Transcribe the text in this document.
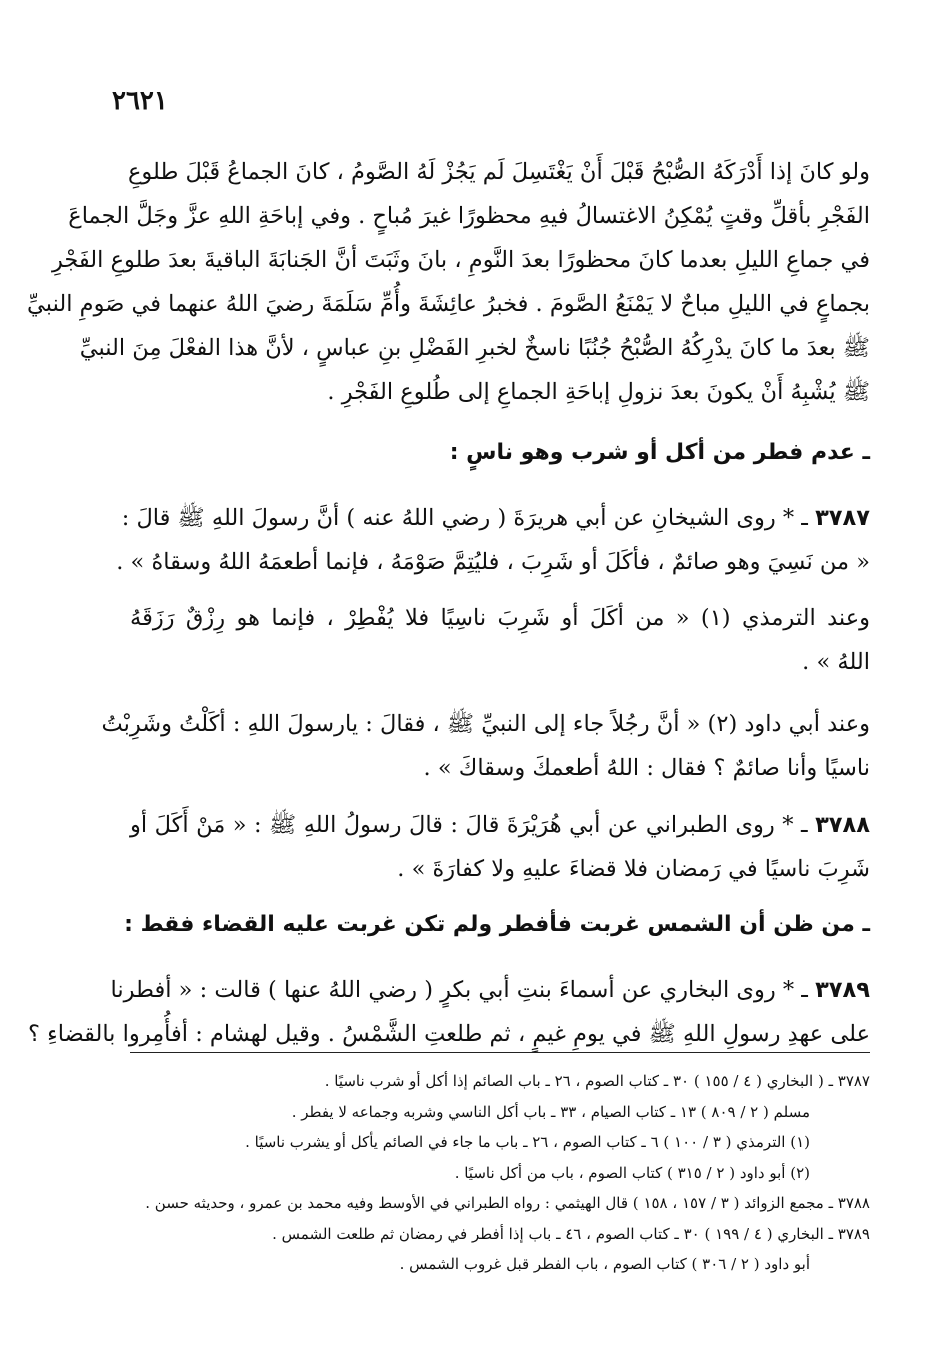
٢٦٢١
ولو كانَ إذا أَدْرَكَهُ الصُّبْحُ قَبْلَ أَنْ يَغْتَسِلَ لَم يَجُزْ لَهُ الصَّومُ ، كانَ الجماعُ قَبْلَ طلوعِ
الفَجْرِ بأقلِّ وقتٍ يُمْكِنُ الاغتسالُ فيهِ محظورًا غيرَ مُباحٍ . وفي إباحَةِ اللهِ عزَّ وجَلَّ الجماعَ
في جماعِ الليلِ بعدما كانَ محظورًا بعدَ النَّومِ ، بانَ وثَبَتَ أنَّ الجَنابَةَ الباقيةَ بعدَ طلوعِ الفَجْرِ
بجماعٍ في الليلِ مباحٌ لا يَمْنَعُ الصَّومَ . فخبرُ عائِشَةَ وأُمِّ سَلَمَةَ رضيَ اللهُ عنهما في صَومِ النبيِّ
ﷺ بعدَ ما كانَ يدْرِكُهُ الصُّبْحُ جُنُبًا ناسخٌ لخبرِ الفَضْلِ بنِ عباسٍ ، لأنَّ هذا الفعْلَ مِنَ النبيِّ
ﷺ يُشْبِهُ أَنْ يكونَ بعدَ نزولِ إباحَةِ الجماعِ إلى طُلوعِ الفَجْرِ .
ـ عدم فطر من أكل أو شرب وهو ناسٍ :
٣٧٨٧ ـ * روى الشيخانِ عن أبي هريرَةَ ( رضي اللهُ عنه ) أنَّ رسولَ اللهِ ﷺ قالَ :
« من نَسِيَ وهو صائمٌ ، فأكَلَ أو شَرِبَ ، فليُتِمَّ صَوْمَهُ ، فإنما أطعمَهُ اللهُ وسقاهُ » .
وعند الترمذي (١) « من أكَلَ أو شَرِبَ ناسِيًا فلا يُفْطِرْ ، فإنما هو رِزْقٌ رَزَقَهُ
اللهُ » .
وعند أبي داود (٢) « أنَّ رجُلاً جاء إلى النبيِّ ﷺ ، فقالَ : يارسولَ اللهِ : أكَلْتُ وشَرِبْتُ
ناسيًا وأنا صائمٌ ؟ فقال : اللهُ أطعمكَ وسقاكَ » .
٣٧٨٨ ـ * روى الطبراني عن أبي هُرَيْرَةَ قالَ : قالَ رسولُ اللهِ ﷺ : « مَنْ أَكَلَ أو
شَرِبَ ناسيًا في رَمضان فلا قضاءَ عليهِ ولا كفارَةَ » .
ـ من ظن أن الشمس غربت فأفطر ولم تكن غربت عليه القضاء فقط :
٣٧٨٩ ـ * روى البخاري عن أسماءَ بنتِ أبي بكرٍ ( رضي اللهُ عنها ) قالت : « أفطرنا
على عهدِ رسولِ اللهِ ﷺ في يومِ غيمٍ ، ثم طلعتِ الشَّمْسُ . وقيل لهشام : أفأُمِروا بالقضاءِ ؟
٣٧٨٧ ـ ( البخاري ( ٤ / ١٥٥ ) ٣٠ ـ كتاب الصوم ، ٢٦ ـ باب الصائم إذا أكل أو شرب ناسيًا .
مسلم ( ٢ / ٨٠٩ ) ١٣ ـ كتاب الصيام ، ٣٣ ـ باب أكل الناسي وشربه وجماعه لا يفطر .
(١) الترمذي ( ٣ / ١٠٠ ) ٦ ـ كتاب الصوم ، ٢٦ ـ باب ما جاء في الصائم يأكل أو يشرب ناسيًا .
(٢) أبو داود ( ٢ / ٣١٥ ) كتاب الصوم ، باب من أكل ناسيًا .
٣٧٨٨ ـ مجمع الزوائد ( ٣ / ١٥٧ ، ١٥٨ ) قال الهيثمي : رواه الطبراني في الأوسط وفيه محمد بن عمرو ، وحديثه حسن .
٣٧٨٩ ـ البخاري ( ٤ / ١٩٩ ) ٣٠ ـ كتاب الصوم ، ٤٦ ـ باب إذا أفطر في رمضان ثم طلعت الشمس .
أبو داود ( ٢ / ٣٠٦ ) كتاب الصوم ، باب الفطر قبل غروب الشمس .
